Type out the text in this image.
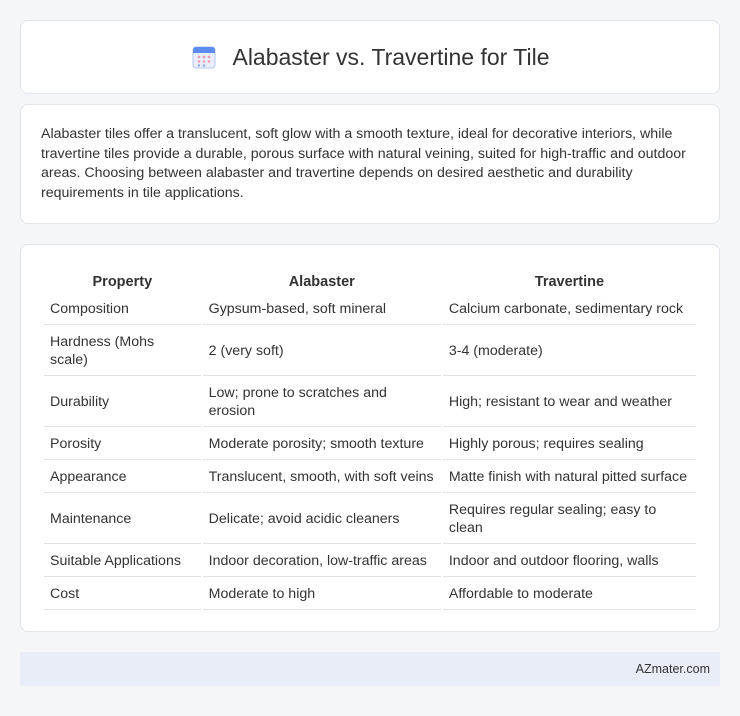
Alabaster vs. Travertine for Tile

Alabaster tiles offer a translucent, soft glow with a smooth texture, ideal for decorative interiors, while travertine tiles provide a durable, porous surface with natural veining, suited for high-traffic and outdoor areas. Choosing between alabaster and travertine depends on desired aesthetic and durability requirements in tile applications.

Property	Alabaster	Travertine
Composition	Gypsum-based, soft mineral	Calcium carbonate, sedimentary rock
Hardness (Mohs scale)	2 (very soft)	3-4 (moderate)
Durability	Low; prone to scratches and erosion	High; resistant to wear and weather
Porosity	Moderate porosity; smooth texture	Highly porous; requires sealing
Appearance	Translucent, smooth, with soft veins	Matte finish with natural pitted surface
Maintenance	Delicate; avoid acidic cleaners	Requires regular sealing; easy to clean
Suitable Applications	Indoor decoration, low-traffic areas	Indoor and outdoor flooring, walls
Cost	Moderate to high	Affordable to moderate
AZmater.com
